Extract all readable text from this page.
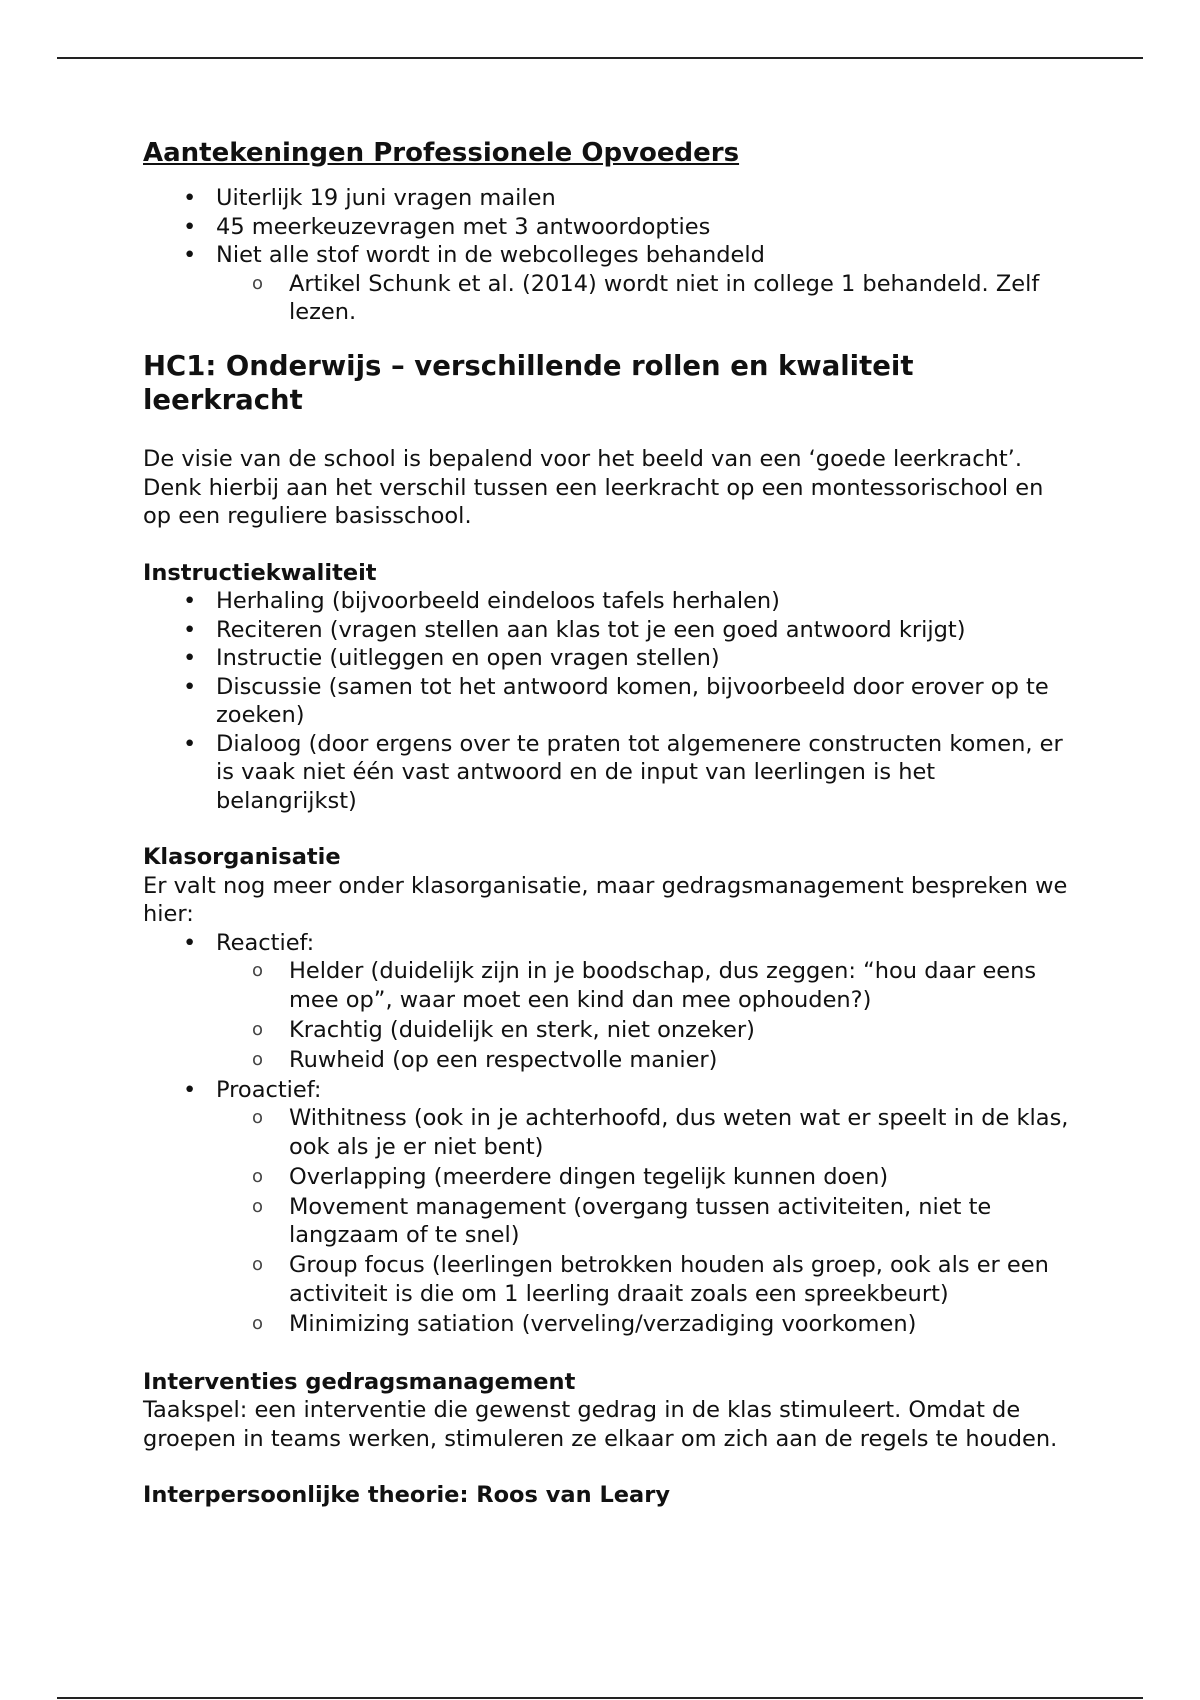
Aantekeningen Professionele Opvoeders
• Uiterlijk 19 juni vragen mailen
• 45 meerkeuzevragen met 3 antwoordopties
• Niet alle stof wordt in de webcolleges behandeld
o Artikel Schunk et al. (2014) wordt niet in college 1 behandeld. Zelf lezen.
HC1: Onderwijs – verschillende rollen en kwaliteit leerkracht

De visie van de school is bepalend voor het beeld van een ‘goede leerkracht’. Denk hierbij aan het verschil tussen een leerkracht op een montessorischool en op een reguliere basisschool.

Instructiekwaliteit
• Herhaling (bijvoorbeeld eindeloos tafels herhalen)
• Reciteren (vragen stellen aan klas tot je een goed antwoord krijgt)
• Instructie (uitleggen en open vragen stellen)
• Discussie (samen tot het antwoord komen, bijvoorbeeld door erover op te zoeken)
• Dialoog (door ergens over te praten tot algemenere constructen komen, er is vaak niet één vast antwoord en de input van leerlingen is het belangrijkst)
Klasorganisatie

Er valt nog meer onder klasorganisatie, maar gedragsmanagement bespreken we hier:

• Reactief:
o Helder (duidelijk zijn in je boodschap, dus zeggen: “hou daar eens mee op”, waar moet een kind dan mee ophouden?)
o Krachtig (duidelijk en sterk, niet onzeker)
o Ruwheid (op een respectvolle manier)
• Proactief:
o Withitness (ook in je achterhoofd, dus weten wat er speelt in de klas, ook als je er niet bent)
o Overlapping (meerdere dingen tegelijk kunnen doen)
o Movement management (overgang tussen activiteiten, niet te langzaam of te snel)
o Group focus (leerlingen betrokken houden als groep, ook als er een activiteit is die om 1 leerling draait zoals een spreekbeurt)
o Minimizing satiation (verveling/verzadiging voorkomen)
Interventies gedragsmanagement

Taakspel: een interventie die gewenst gedrag in de klas stimuleert. Omdat de groepen in teams werken, stimuleren ze elkaar om zich aan de regels te houden.

Interpersoonlijke theorie: Roos van Leary
